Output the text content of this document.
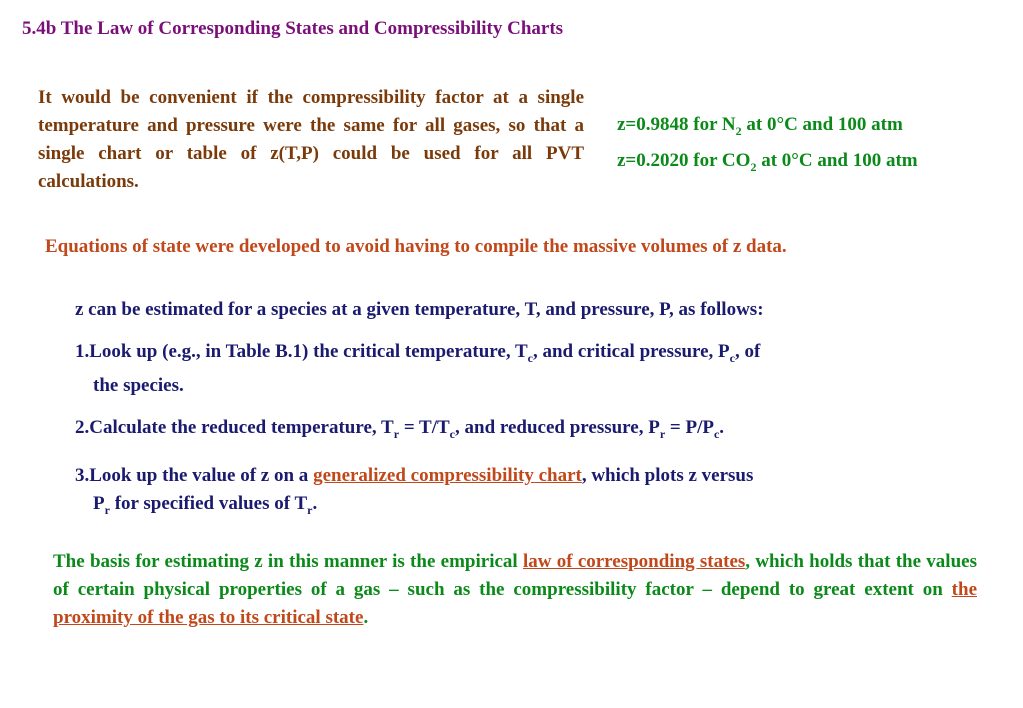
5.4b The Law of Corresponding States and Compressibility Charts
It would be convenient if the compressibility factor at a single temperature and pressure were the same for all gases, so that a single chart or table of z(T,P) could be used for all PVT calculations.
z=0.9848 for $N_2$ at 0°C and 100 atm
z=0.2020 for $CO_2$ at 0°C and 100 atm
Equations of state were developed to avoid having to compile the massive volumes of z data.

z can be estimated for a species at a given temperature, T, and pressure, P, as follows:

1.Look up (e.g., in Table B.1) the critical temperature, $T_c$, and critical pressure, $P_c$, of

the species.

2.Calculate the reduced temperature, $T_r = T/T_c$, and reduced pressure, $P_r = P/P_c$.

3.Look up the value of z on a generalized compressibility chart, which plots z versus

$P_r$ for specified values of $T_r$.

The basis for estimating z in this manner is the empirical law of corresponding states, which holds that the values of certain physical properties of a gas – such as the compressibility factor – depend to great extent on the proximity of the gas to its critical state.
